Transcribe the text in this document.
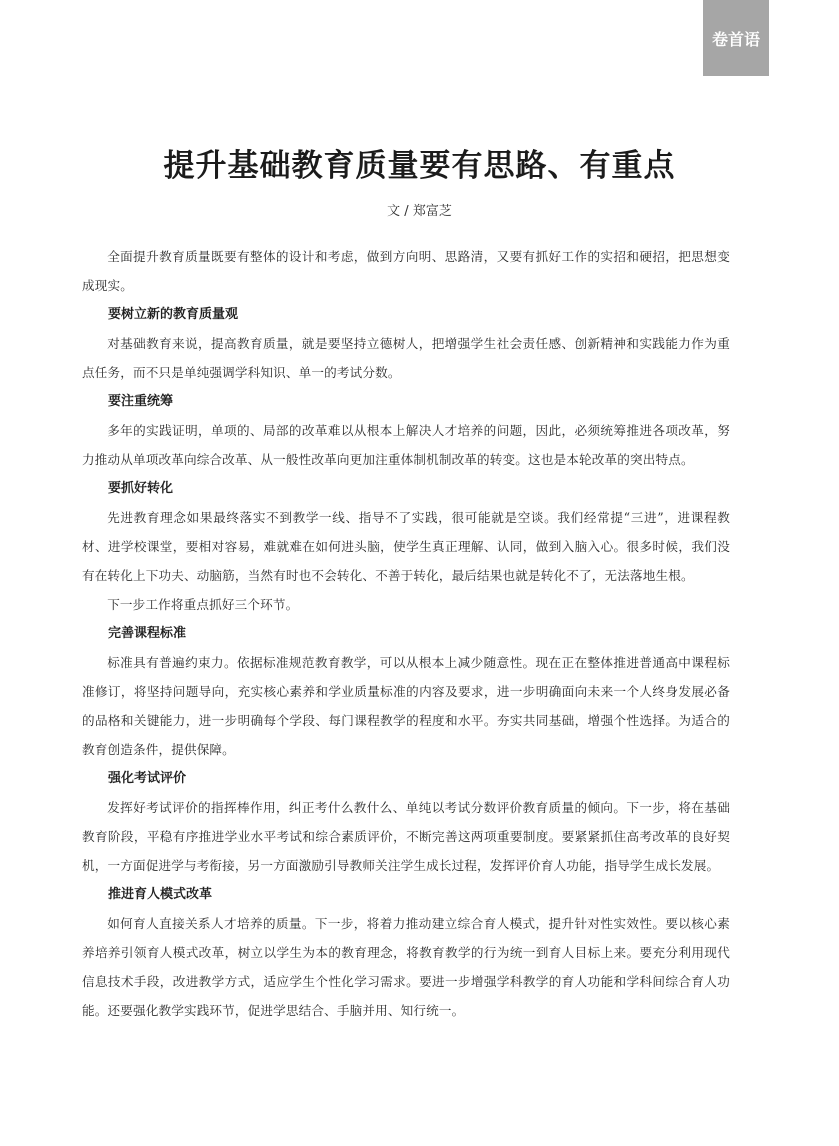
卷首语
提升基础教育质量要有思路、有重点
文 / 郑富芝

全面提升教育质量既要有整体的设计和考虑，做到方向明、思路清，又要有抓好工作的实招和硬招，把思想变成现实。

要树立新的教育质量观

对基础教育来说，提高教育质量，就是要坚持立德树人，把增强学生社会责任感、创新精神和实践能力作为重点任务，而不只是单纯强调学科知识、单一的考试分数。

要注重统筹

多年的实践证明，单项的、局部的改革难以从根本上解决人才培养的问题，因此，必须统筹推进各项改革，努力推动从单项改革向综合改革、从一般性改革向更加注重体制机制改革的转变。这也是本轮改革的突出特点。

要抓好转化

先进教育理念如果最终落实不到教学一线、指导不了实践，很可能就是空谈。我们经常提“三进”，进课程教材、进学校课堂，要相对容易，难就难在如何进头脑，使学生真正理解、认同，做到入脑入心。很多时候，我们没有在转化上下功夫、动脑筋，当然有时也不会转化、不善于转化，最后结果也就是转化不了，无法落地生根。

下一步工作将重点抓好三个环节。

完善课程标准

标准具有普遍约束力。依据标准规范教育教学，可以从根本上减少随意性。现在正在整体推进普通高中课程标准修订，将坚持问题导向，充实核心素养和学业质量标准的内容及要求，进一步明确面向未来一个人终身发展必备的品格和关键能力，进一步明确每个学段、每门课程教学的程度和水平。夯实共同基础，增强个性选择。为适合的教育创造条件，提供保障。

强化考试评价

发挥好考试评价的指挥棒作用，纠正考什么教什么、单纯以考试分数评价教育质量的倾向。下一步，将在基础教育阶段，平稳有序推进学业水平考试和综合素质评价，不断完善这两项重要制度。要紧紧抓住高考改革的良好契机，一方面促进学与考衔接，另一方面激励引导教师关注学生成长过程，发挥评价育人功能，指导学生成长发展。

推进育人模式改革

如何育人直接关系人才培养的质量。下一步，将着力推动建立综合育人模式，提升针对性实效性。要以核心素养培养引领育人模式改革，树立以学生为本的教育理念，将教育教学的行为统一到育人目标上来。要充分利用现代信息技术手段，改进教学方式，适应学生个性化学习需求。要进一步增强学科教学的育人功能和学科间综合育人功能。还要强化教学实践环节，促进学思结合、手脑并用、知行统一。
